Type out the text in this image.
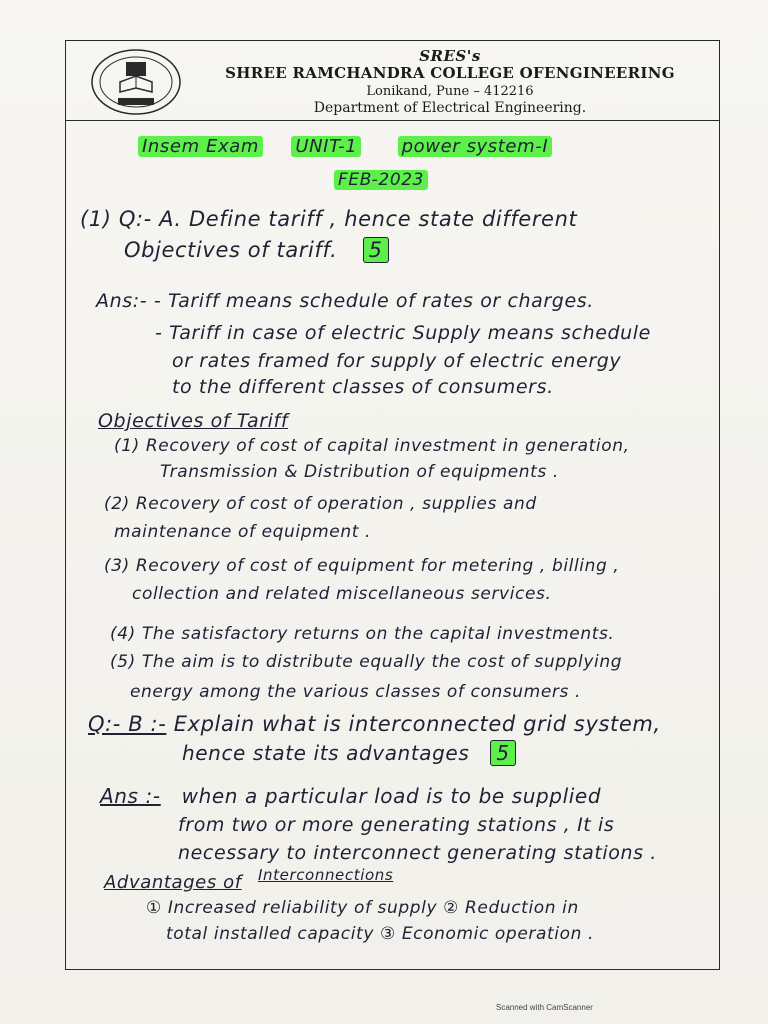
SRES's
SHREE RAMCHANDRA COLLEGE OFENGINEERING
Lonikand, Pune – 412216
Department of Electrical Engineering.
Insem Exam UNIT-1 power system-I
FEB-2023
(1) Q:- A. Define tariff , hence state different
Objectives of tariff. 5
Ans:- - Tariff means schedule of rates or charges.
- Tariff in case of electric Supply means schedule
or rates framed for supply of electric energy
to the different classes of consumers.
Objectives of Tariff
(1) Recovery of cost of capital investment in generation,
Transmission & Distribution of equipments .
(2) Recovery of cost of operation , supplies and
maintenance of equipment .
(3) Recovery of cost of equipment for metering , billing ,
collection and related miscellaneous services.
(4) The satisfactory returns on the capital investments.
(5) The aim is to distribute equally the cost of supplying
energy among the various classes of consumers .
Q:- B :- Explain what is interconnected grid system,
hence state its advantages 5
Ans :- when a particular load is to be supplied
from two or more generating stations , It is
necessary to interconnect generating stations .
Advantages of $^{Interconnections}$
① Increased reliability of supply ② Reduction in
total installed capacity ③ Economic operation .
Scanned with CamScanner
